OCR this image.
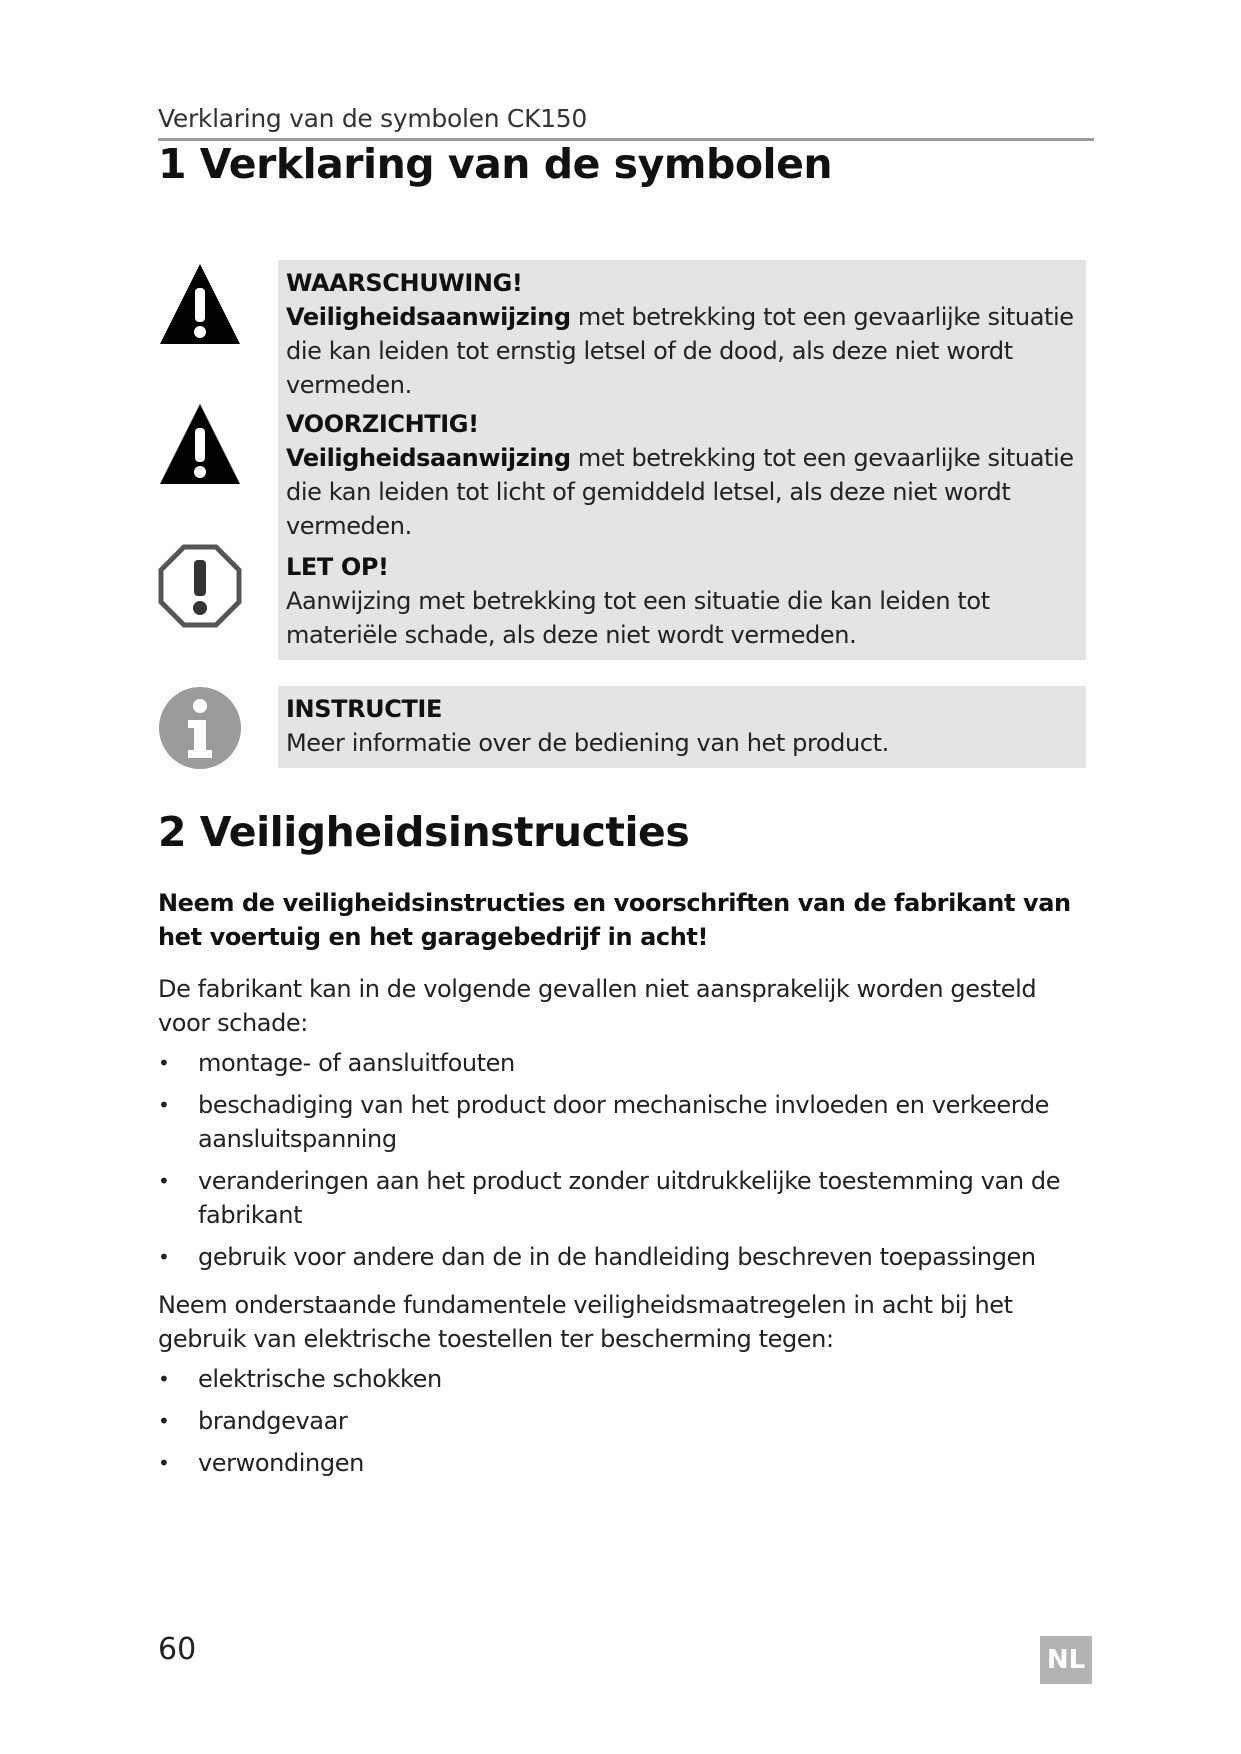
Verklaring van de symbolen CK150
1 Verklaring van de symbolen
WAARSCHUWING!
Veiligheidsaanwijzing met betrekking tot een gevaarlijke situatie die kan leiden tot ernstig letsel of de dood, als deze niet wordt vermeden.
VOORZICHTIG!
Veiligheidsaanwijzing met betrekking tot een gevaarlijke situatie die kan leiden tot licht of gemiddeld letsel, als deze niet wordt vermeden.
LET OP!
Aanwijzing met betrekking tot een situatie die kan leiden tot materiële schade, als deze niet wordt vermeden.
INSTRUCTIE
Meer informatie over de bediening van het product.
2 Veiligheidsinstructies
Neem de veiligheidsinstructies en voorschriften van de fabrikant van het voertuig en het garagebedrijf in acht!
De fabrikant kan in de volgende gevallen niet aansprakelijk worden gesteld voor schade:
•	montage- of aansluitfouten
•	beschadiging van het product door mechanische invloeden en verkeerde aansluitspanning
•	veranderingen aan het product zonder uitdrukkelijke toestemming van de fabrikant
•	gebruik voor andere dan de in de handleiding beschreven toepassingen
Neem onderstaande fundamentele veiligheidsmaatregelen in acht bij het gebruik van elektrische toestellen ter bescherming tegen:
•	elektrische schokken
•	brandgevaar
•	verwondingen
60	NL
